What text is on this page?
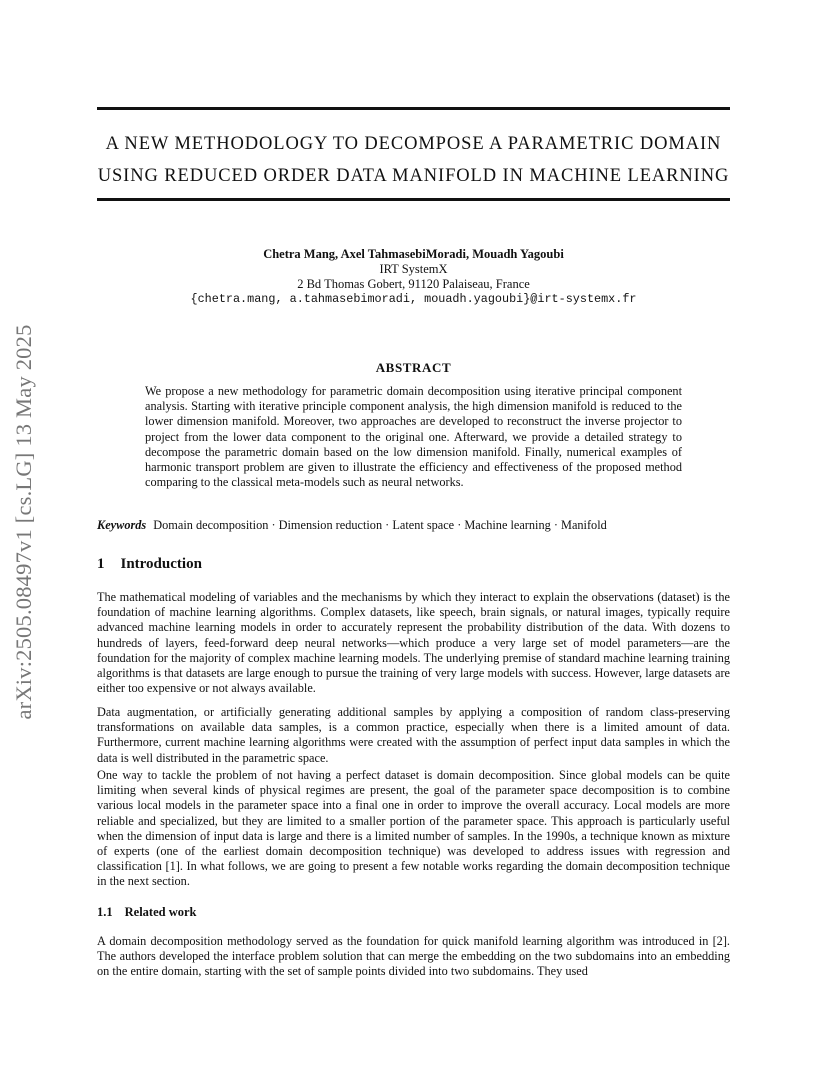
arXiv:2505.08497v1 [cs.LG] 13 May 2025
A NEW METHODOLOGY TO DECOMPOSE A PARAMETRIC DOMAIN
USING REDUCED ORDER DATA MANIFOLD IN MACHINE LEARNING
Chetra Mang, Axel TahmasebiMoradi, Mouadh Yagoubi
IRT SystemX
2 Bd Thomas Gobert, 91120 Palaiseau, France
{chetra.mang, a.tahmasebimoradi, mouadh.yagoubi}@irt-systemx.fr
ABSTRACT
We propose a new methodology for parametric domain decomposition using iterative principal component analysis. Starting with iterative principle component analysis, the high dimension manifold is reduced to the lower dimension manifold. Moreover, two approaches are developed to reconstruct the inverse projector to project from the lower data component to the original one. Afterward, we provide a detailed strategy to decompose the parametric domain based on the low dimension manifold. Finally, numerical examples of harmonic transport problem are given to illustrate the efficiency and effectiveness of the proposed method comparing to the classical meta-models such as neural networks.
Keywords Domain decomposition · Dimension reduction · Latent space · Machine learning · Manifold
1 Introduction

The mathematical modeling of variables and the mechanisms by which they interact to explain the observations (dataset) is the foundation of machine learning algorithms. Complex datasets, like speech, brain signals, or natural images, typically require advanced machine learning models in order to accurately represent the probability distribution of the data. With dozens to hundreds of layers, feed-forward deep neural networks—which produce a very large set of model parameters—are the foundation for the majority of complex machine learning models. The underlying premise of standard machine learning training algorithms is that datasets are large enough to pursue the training of very large models with success. However, large datasets are either too expensive or not always available.

Data augmentation, or artificially generating additional samples by applying a composition of random class-preserving transformations on available data samples, is a common practice, especially when there is a limited amount of data. Furthermore, current machine learning algorithms were created with the assumption of perfect input data samples in which the data is well distributed in the parametric space.

One way to tackle the problem of not having a perfect dataset is domain decomposition. Since global models can be quite limiting when several kinds of physical regimes are present, the goal of the parameter space decomposition is to combine various local models in the parameter space into a final one in order to improve the overall accuracy. Local models are more reliable and specialized, but they are limited to a smaller portion of the parameter space. This approach is particularly useful when the dimension of input data is large and there is a limited number of samples. In the 1990s, a technique known as mixture of experts (one of the earliest domain decomposition technique) was developed to address issues with regression and classification [1]. In what follows, we are going to present a few notable works regarding the domain decomposition technique in the next section.

1.1 Related work

A domain decomposition methodology served as the foundation for quick manifold learning algorithm was introduced in [2]. The authors developed the interface problem solution that can merge the embedding on the two subdomains into an embedding on the entire domain, starting with the set of sample points divided into two subdomains. They used
